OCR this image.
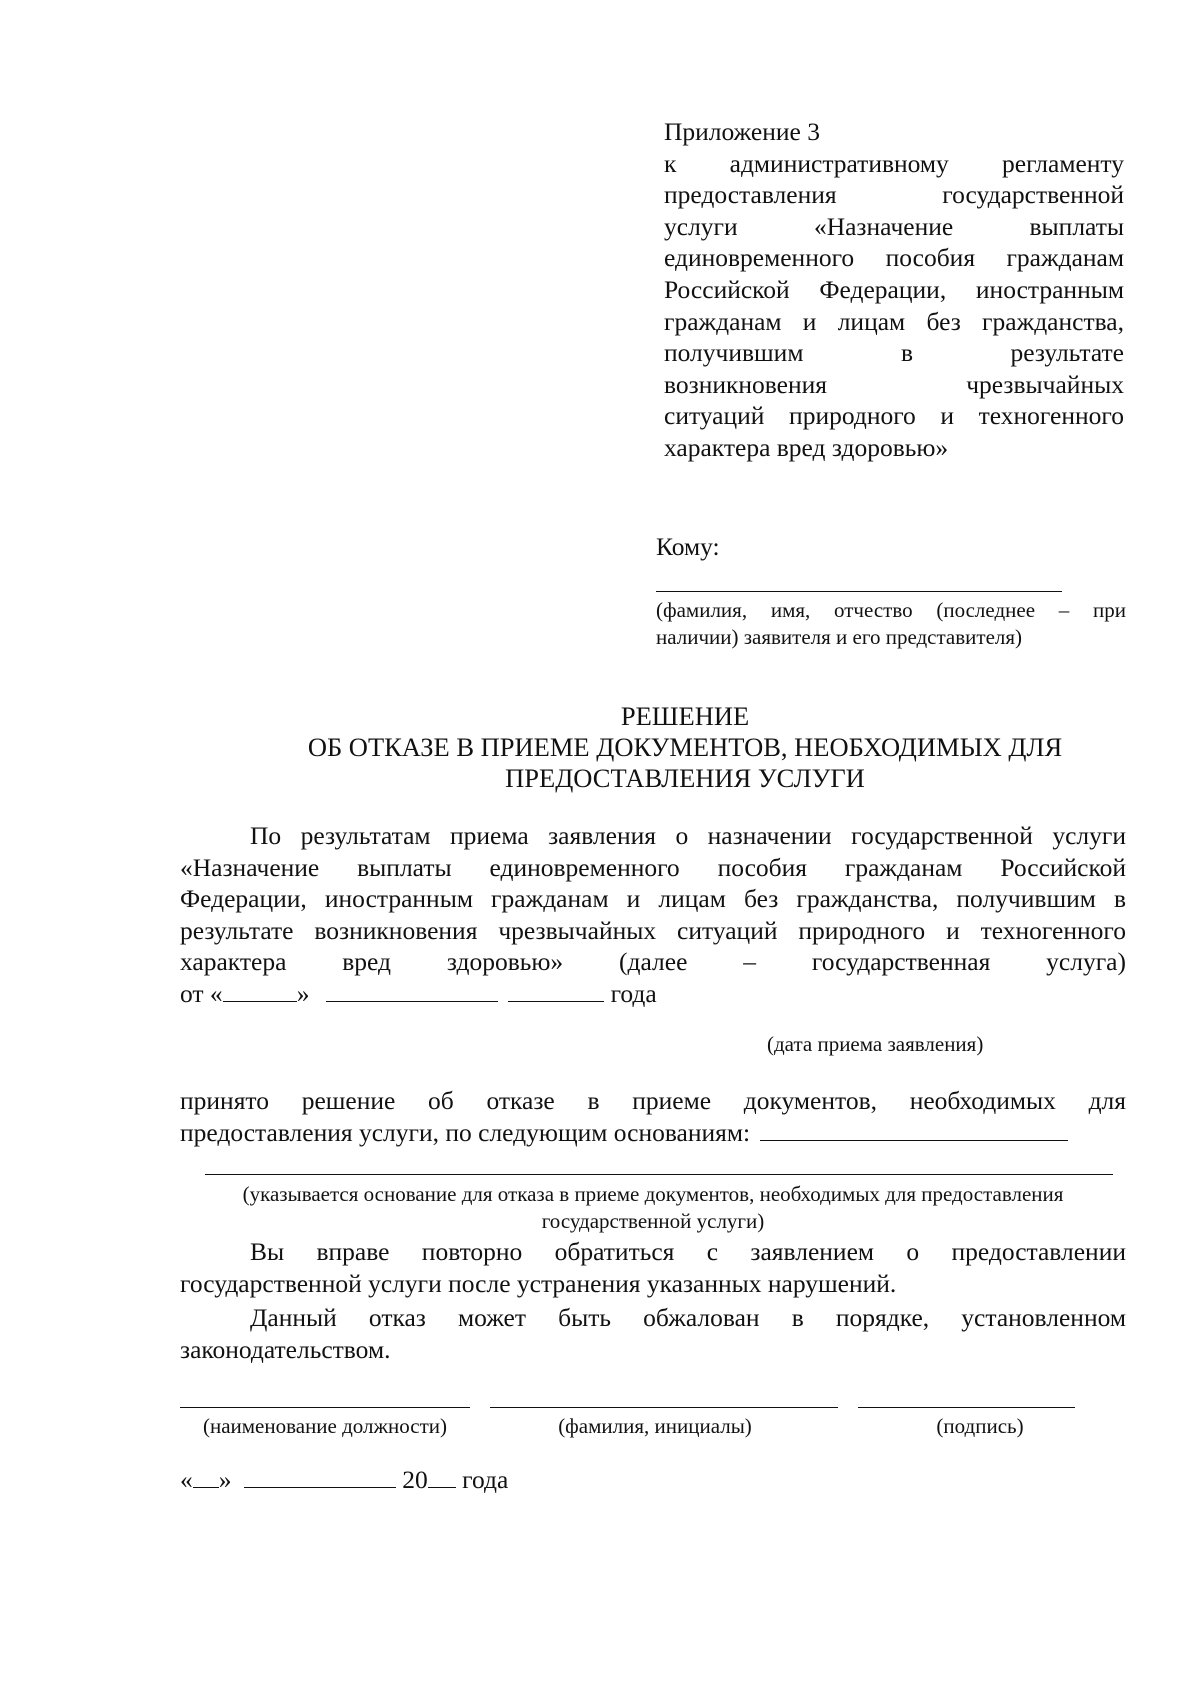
Приложение 3
к административному регламенту
предоставления государственной
услуги «Назначение выплаты
единовременного пособия гражданам
Российской Федерации, иностранным
гражданам и лицам без гражданства,
получившим в результате
возникновения чрезвычайных
ситуаций природного и техногенного
характера вред здоровью»
Кому:
(фамилия, имя, отчество (последнее – при
наличии) заявителя и его представителя)
РЕШЕНИЕ
ОБ ОТКАЗЕ В ПРИЕМЕ ДОКУМЕНТОВ, НЕОБХОДИМЫХ ДЛЯ
ПРЕДОСТАВЛЕНИЯ УСЛУГИ
По результатам приема заявления о назначении государственной услуги
«Назначение выплаты единовременного пособия гражданам Российской
Федерации, иностранным гражданам и лицам без гражданства, получившим в
результате возникновения чрезвычайных ситуаций природного и техногенного
характера вред здоровью» (далее – государственная услуга)
от «	»	года
(дата приема заявления)
принято решение об отказе в приеме документов, необходимых для
предоставления услуги, по следующим основаниям:
(указывается основание для отказа в приеме документов, необходимых для предоставления
государственной услуги)
Вы вправе повторно обратиться с заявлением о предоставлении
государственной услуги после устранения указанных нарушений.
Данный отказ может быть обжалован в порядке, установленном
законодательством.
(наименование должности)	(фамилия, инициалы)	(подпись)
« »	20 года
